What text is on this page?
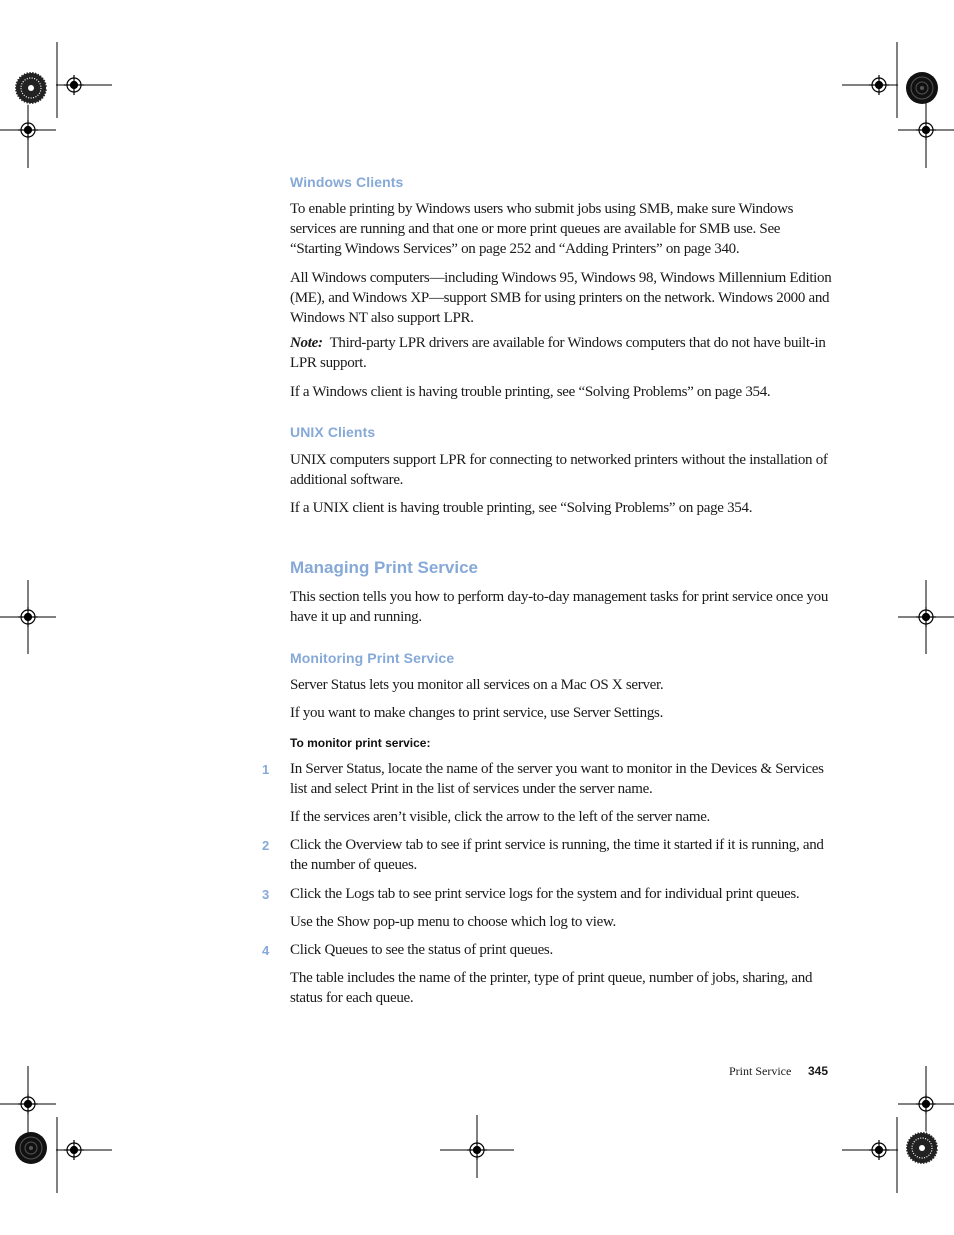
Windows Clients
To enable printing by Windows users who submit jobs using SMB, make sure Windows services are running and that one or more print queues are available for SMB use. See “Starting Windows Services” on page 252 and “Adding Printers” on page 340.
All Windows computers—including Windows 95, Windows 98, Windows Millennium Edition (ME), and Windows XP—support SMB for using printers on the network. Windows 2000 and Windows NT also support LPR.
Note: Third-party LPR drivers are available for Windows computers that do not have built-in LPR support.
If a Windows client is having trouble printing, see “Solving Problems” on page 354.
UNIX Clients
UNIX computers support LPR for connecting to networked printers without the installation of additional software.
If a UNIX client is having trouble printing, see “Solving Problems” on page 354.
Managing Print Service
This section tells you how to perform day-to-day management tasks for print service once you have it up and running.
Monitoring Print Service
Server Status lets you monitor all services on a Mac OS X server.
If you want to make changes to print service, use Server Settings.
To monitor print service:
1 In Server Status, locate the name of the server you want to monitor in the Devices & Services list and select Print in the list of services under the server name.
If the services aren’t visible, click the arrow to the left of the server name.
2 Click the Overview tab to see if print service is running, the time it started if it is running, and the number of queues.
3 Click the Logs tab to see print service logs for the system and for individual print queues.
Use the Show pop-up menu to choose which log to view.
4 Click Queues to see the status of print queues.
The table includes the name of the printer, type of print queue, number of jobs, sharing, and status for each queue.
Print Service 345
